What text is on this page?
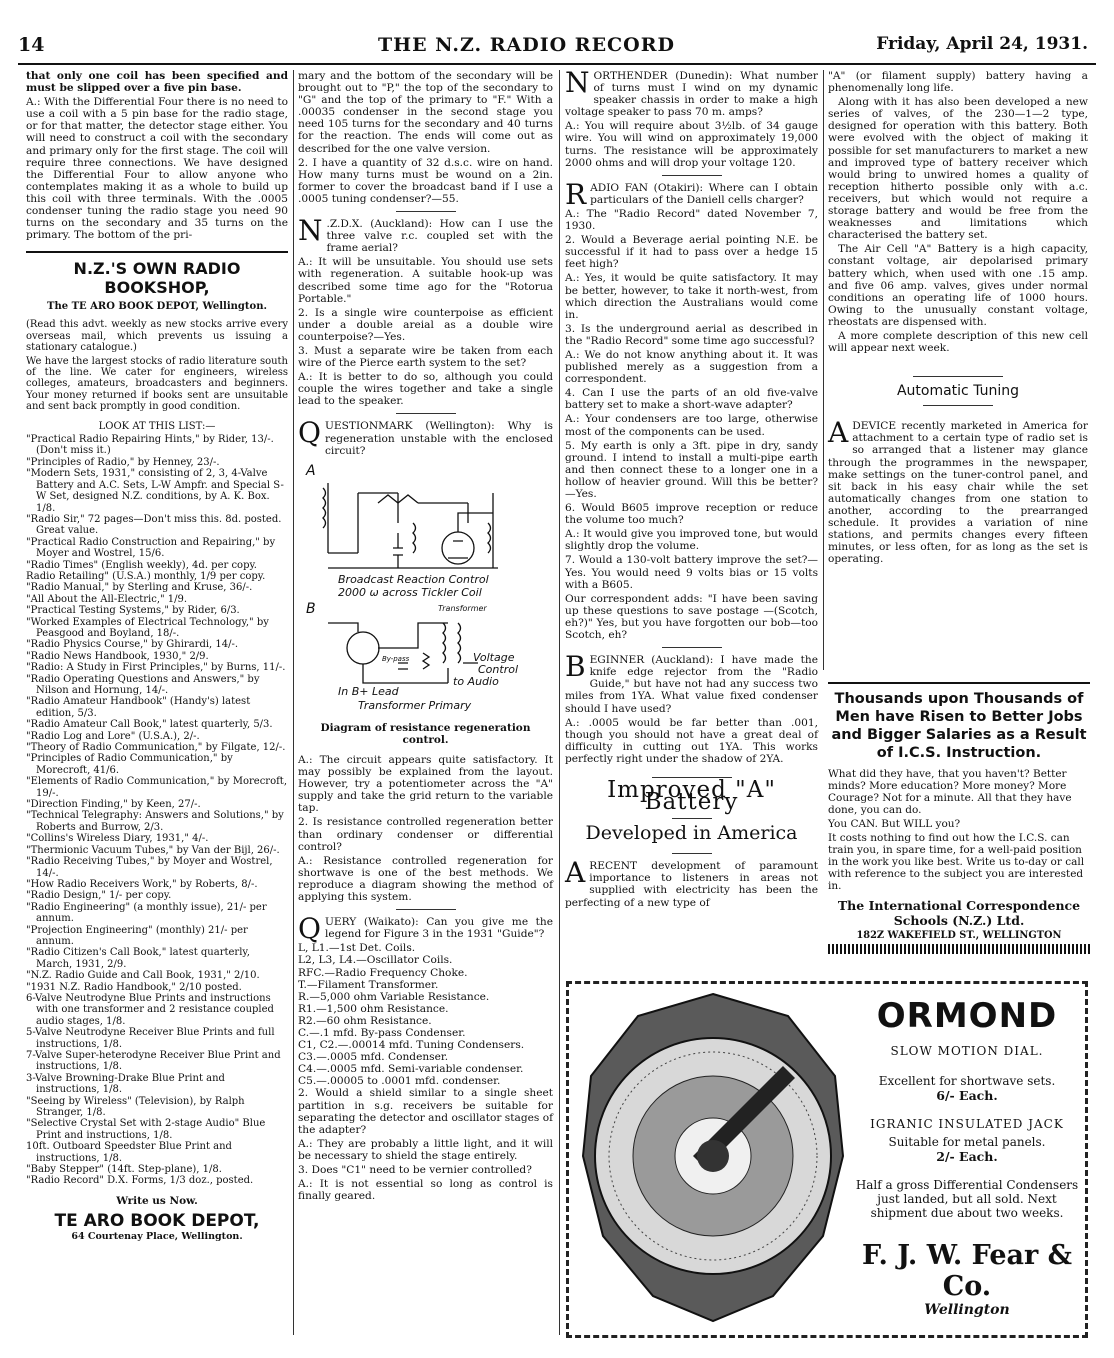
14	THE N.Z. RADIO RECORD	Friday, April 24, 1931.

that only one coil has been specified and must be slipped over a five pin base.

A.: With the Differential Four there is no need to use a coil with a 5 pin base for the radio stage, or for that matter, the detector stage either. You will need to construct a coil with the secondary and primary only for the first stage. The coil will require three connections. We have designed the Differential Four to allow anyone who contemplates making it as a whole to build up this coil with three terminals. With the .0005 condenser tuning the radio stage you need 90 turns on the secondary and 35 turns on the primary. The bottom of the pri-

N.Z.'S OWN RADIO BOOKSHOP,
The TE ARO BOOK DEPOT, Wellington.

(Read this advt. weekly as new stocks arrive every overseas mail, which prevents us issuing a stationary catalogue.)

We have the largest stocks of radio literature south of the line. We cater for engineers, wireless colleges, amateurs, broadcasters and beginners. Your money returned if books sent are unsuitable and sent back promptly in good condition.

LOOK AT THIS LIST:—

"Practical Radio Repairing Hints," by Rider, 13/-. (Don't miss it.)

"Principles of Radio," by Henney, 23/-.

"Modern Sets, 1931," consisting of 2, 3, 4-Valve Battery and A.C. Sets, L-W Ampfr. and Special S-W Set, designed N.Z. conditions, by A. K. Box. 1/8.

"Radio Sir," 72 pages—Don't miss this. 8d. posted. Great value.

"Practical Radio Construction and Repairing," by Moyer and Wostrel, 15/6.

"Radio Times" (English weekly), 4d. per copy.

Radio Retailing" (U.S.A.) monthly, 1/9 per copy.

"Radio Manual," by Sterling and Kruse, 36/-.

"All About the All-Electric," 1/9.

"Practical Testing Systems," by Rider, 6/3.

"Worked Examples of Electrical Technology," by Peasgood and Boyland, 18/-.

"Radio Physics Course," by Ghirardi, 14/-.

"Radio News Handbook, 1930," 2/9.

"Radio: A Study in First Principles," by Burns, 11/-.

"Radio Operating Questions and Answers," by Nilson and Hornung, 14/-.

"Radio Amateur Handbook" (Handy's) latest edition, 5/3.

"Radio Amateur Call Book," latest quarterly, 5/3.

"Radio Log and Lore" (U.S.A.), 2/-.

"Theory of Radio Communication," by Filgate, 12/-.

"Principles of Radio Communication," by Morecroft, 41/6.

"Elements of Radio Communication," by Morecroft, 19/-.

"Direction Finding," by Keen, 27/-.

"Technical Telegraphy: Answers and Solutions," by Roberts and Burrow, 2/3.

"Collins's Wireless Diary, 1931," 4/-.

"Thermionic Vacuum Tubes," by Van der Bijl, 26/-.

"Radio Receiving Tubes," by Moyer and Wostrel, 14/-.

"How Radio Receivers Work," by Roberts, 8/-.

"Radio Design," 1/- per copy.

"Radio Engineering" (a monthly issue), 21/- per annum.

"Projection Engineering" (monthly) 21/- per annum.

"Radio Citizen's Call Book," latest quarterly, March, 1931, 2/9.

"N.Z. Radio Guide and Call Book, 1931," 2/10.

"1931 N.Z. Radio Handbook," 2/10 posted.

6-Valve Neutrodyne Blue Prints and instructions with one transformer and 2 resistance coupled audio stages, 1/8.

5-Valve Neutrodyne Receiver Blue Prints and full instructions, 1/8.

7-Valve Super-heterodyne Receiver Blue Print and instructions, 1/8.

3-Valve Browning-Drake Blue Print and instructions, 1/8.

"Seeing by Wireless" (Television), by Ralph Stranger, 1/8.

"Selective Crystal Set with 2-stage Audio" Blue Print and instructions, 1/8.

10ft. Outboard Speedster Blue Print and instructions, 1/8.

"Baby Stepper" (14ft. Step-plane), 1/8.

"Radio Record" D.X. Forms, 1/3 doz., posted.

Write us Now.
TE ARO BOOK DEPOT,
64 Courtenay Place, Wellington.

mary and the bottom of the secondary will be brought out to "P," the top of the secondary to "G" and the top of the primary to "F." With a .00035 condenser in the second stage you need 105 turns for the secondary and 40 turns for the reaction. The ends will come out as described for the one valve version.

2. I have a quantity of 32 d.s.c. wire on hand. How many turns must be wound on a 2in. former to cover the broadcast band if I use a .0005 tuning condenser?—55.

N .Z.D.X. (Auckland): How can I use the three valve r.c. coupled set with the frame aerial?

A.: It will be unsuitable. You should use sets with regeneration. A suitable hook-up was described some time ago for the "Rotorua Portable."

2. Is a single wire counterpoise as efficient under a double areial as a double wire counterpoise?—Yes.

3. Must a separate wire be taken from each wire of the Pierce earth system to the set?

A.: It is better to do so, although you could couple the wires together and take a single lead to the speaker.

QUESTIONMARK (Wellington): Why is regeneration unstable with the enclosed circuit?

A
Broadcast Reaction Control
2000 ω across Tickler Coil
B	Transformer
By-pass	Voltage
Control
In B+ Lead
to Audio
Transformer Primary
Diagram of resistance regeneration control.

A.: The circuit appears quite satisfactory. It may possibly be explained from the layout. However, try a potentiometer across the "A" supply and take the grid return to the variable tap.

2. Is resistance controlled regeneration better than ordinary condenser or differential control?

A.: Resistance controlled regeneration for shortwave is one of the best methods. We reproduce a diagram showing the method of applying this system.

QUERY (Waikato): Can you give me the legend for Figure 3 in the 1931 "Guide"?

L, L1.—1st Det. Coils.

L2, L3, L4.—Oscillator Coils.

RFC.—Radio Frequency Choke.

T.—Filament Transformer.

R.—5,000 ohm Variable Resistance.

R1.—1,500 ohm Resistance.

R2.—60 ohm Resistance.

C.—.1 mfd. By-pass Condenser.

C1, C2.—.00014 mfd. Tuning Condensers.

C3.—.0005 mfd. Condenser.

C4.—.0005 mfd. Semi-variable condenser.

C5.—.00005 to .0001 mfd. condenser.

2. Would a shield similar to a single sheet partition in s.g. receivers be suitable for separating the detector and oscillator stages of the adapter?

A.: They are probably a little light, and it will be necessary to shield the stage entirely.

3. Does "C1" need to be vernier controlled?

A.: It is not essential so long as control is finally geared.

NORTHENDER (Dunedin): What number of turns must I wind on my dynamic speaker chassis in order to make a high voltage speaker to pass 70 m. amps?

A.: You will require about 3½lb. of 34 gauge wire. You will wind on approximately 19,000 turns. The resistance will be approximately 2000 ohms and will drop your voltage 120.

RADIO FAN (Otakiri): Where can I obtain particulars of the Daniell cells charger?

A.: The "Radio Record" dated November 7, 1930.

2. Would a Beverage aerial pointing N.E. be successful if it had to pass over a hedge 15 feet high?

A.: Yes, it would be quite satisfactory. It may be better, however, to take it north-west, from which direction the Australians would come in.

3. Is the underground aerial as described in the "Radio Record" some time ago successful?

A.: We do not know anything about it. It was published merely as a suggestion from a correspondent.

4. Can I use the parts of an old five-valve battery set to make a short-wave adapter?

A.: Your condensers are too large, otherwise most of the components can be used.

5. My earth is only a 3ft. pipe in dry, sandy ground. I intend to install a multi-pipe earth and then connect these to a longer one in a hollow of heavier ground. Will this be better?—Yes.

6. Would B605 improve reception or reduce the volume too much?

A.: It would give you improved tone, but would slightly drop the volume.

7. Would a 130-volt battery improve the set?—Yes. You would need 9 volts bias or 15 volts with a B605.

Our correspondent adds: "I have been saving up these questions to save postage —(Scotch, eh?)" Yes, but you have forgotten our bob—too Scotch, eh?

BEGINNER (Auckland): I have made the knife edge rejector from the "Radio Guide," but have not had any success two miles from 1YA. What value fixed condenser should I have used?

A.: .0005 would be far better than .001, though you should not have a great deal of difficulty in cutting out 1YA. This works perfectly right under the shadow of 2YA.

Improved "A" Battery
Developed in America

ARECENT development of paramount importance to listeners in areas not supplied with electricity has been the perfecting of a new type of

"A" (or filament supply) battery having a phenomenally long life.

Along with it has also been developed a new series of valves, of the 230—1—2 type, designed for operation with this battery. Both were evolved with the object of making it possible for set manufacturers to market a new and improved type of battery receiver which would bring to unwired homes a quality of reception hitherto possible only with a.c. receivers, but which would not require a storage battery and would be free from the weaknesses and limitations which characterised the battery set.

The Air Cell "A" Battery is a high capacity, constant voltage, air depolarised primary battery which, when used with one .15 amp. and five 06 amp. valves, gives under normal conditions an operating life of 1000 hours. Owing to the unusually constant voltage, rheostats are dispensed with.

A more complete description of this new cell will appear next week.

Automatic Tuning

ADEVICE recently marketed in America for attachment to a certain type of radio set is so arranged that a listener may glance through the programmes in the newspaper, make settings on the tuner-control panel, and sit back in his easy chair while the set automatically changes from one station to another, according to the prearranged schedule. It provides a variation of nine stations, and permits changes every fifteen minutes, or less often, for as long as the set is operating.

Thousands upon Thousands of Men have Risen to Better Jobs and Bigger Salaries as a Result of I.C.S. Instruction.
What did they have, that you haven't? Better minds? More education? More money? More Courage? Not for a minute. All that they have done, you can do.
You CAN. But WILL you?
It costs nothing to find out how the I.C.S. can train you, in spare time, for a well-paid position in the work you like best. Write us to-day or call with reference to the subject you are interested in.
The International Correspondence Schools (N.Z.) Ltd.
182Z WAKEFIELD ST., WELLINGTON
ORMOND
SLOW MOTION DIAL.
Excellent for shortwave sets.
6/- Each.
IGRANIC INSULATED JACK
Suitable for metal panels.
2/- Each.
Half a gross Differential Condensers just landed, but all sold. Next shipment due about two weeks.
F. J. W. Fear & Co.
Wellington
